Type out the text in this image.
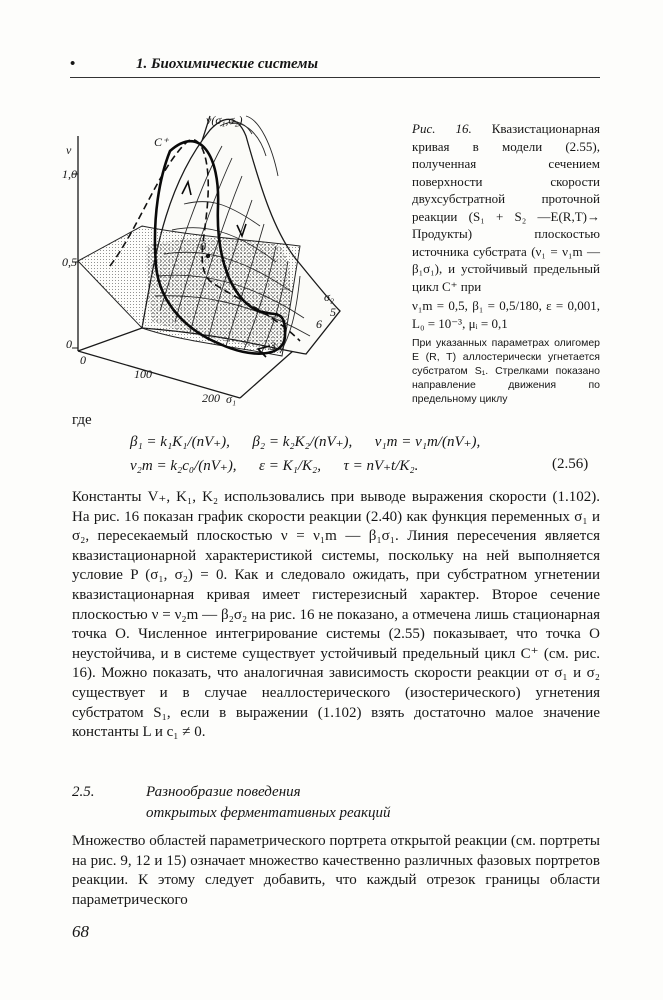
•	1. Биохимические системы
ν
ν(σ₁,σ₂)
σ₁
σ₂
1,0
0,5
0
0
100
200
5
6
3
C⁺
0
Рис. 16. Квазистационарная кривая в модели (2.55), полученная сечением поверхности скорости двухсубстратной проточной реакции (S₁ + S₂ —E(R,T)→ Продукты)	плоскостью источника субстрата (ν₁ = ν₁m — β₁σ₁), и устойчивый предельный цикл C⁺ при
ν₁m = 0,5, β₁ = 0,5/180, ε = 0,001, L₀ = 10⁻³, μᵢ = 0,1
При указанных параметрах олигомер E (R, T) аллостерически угнетается субстратом S₁. Стрелками показано направление движения по предельному циклу
где
β₁ = k₁K₁/(nV₊),      β₂ = k₂K₂/(nV₊),      ν₁m = ν₁m/(nV₊),
ν₂m = k₂c₀/(nV₊),      ε = K₁/K₂,      τ = nV₊t/K₂.	(2.56)
Константы V₊, K₁, K₂ использовались при выводе выражения скорости (1.102). На рис. 16 показан график скорости реакции (2.40) как функция переменных σ₁ и σ₂, пересекаемый плоскостью ν = ν₁m — β₁σ₁. Линия пересечения является квазистационарной характеристикой системы, поскольку на ней выполняется условие P (σ₁, σ₂) = 0. Как и следовало ожидать, при субстратном угнетении квазистационарная кривая имеет гистерезисный характер. Второе сечение плоскостью ν = ν₂m — β₂σ₂ на рис. 16 не показано, а отмечена лишь стационарная точка O. Численное интегрирование системы (2.55) показывает, что точка O неустойчива, и в системе существует устойчивый предельный цикл C⁺ (см. рис. 16). Можно показать, что аналогичная зависимость скорости реакции от σ₁ и σ₂ существует и в случае неаллостерического (изостерического) угнетения субстратом S₁, если в выражении (1.102) взять достаточно малое значение константы L и c₁ ≠ 0.
2.5.	Разнообразие поведения
открытых ферментативных реакций
Множество областей параметрического портрета открытой реакции (см. портреты на рис. 9, 12 и 15) означает множество качественно различных фазовых портретов реакции. К этому следует добавить, что каждый отрезок границы области параметрического
68
